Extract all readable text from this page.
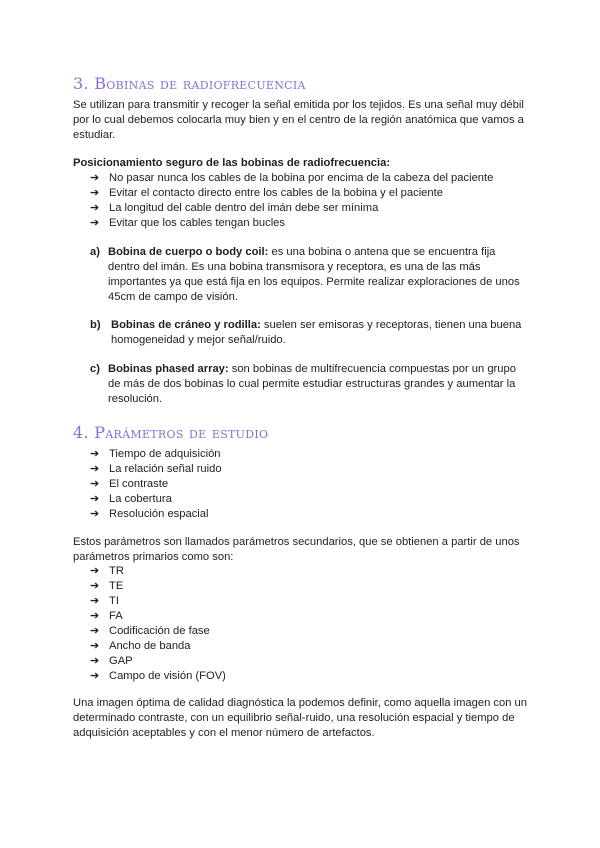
3. Bobinas de radiofrecuencia
Se utilizan para transmitir y recoger la señal emitida por los tejidos. Es una señal muy débil por lo cual debemos colocarla muy bien y en el centro de la región anatómica que vamos a estudiar.
Posicionamiento seguro de las bobinas de radiofrecuencia:
➔ No pasar nunca los cables de la bobina por encima de la cabeza del paciente
➔ Evitar el contacto directo entre los cables de la bobina y el paciente
➔ La longitud del cable dentro del imán debe ser mínima
➔ Evitar que los cables tengan bucles
a) Bobina de cuerpo o body coil: es una bobina o antena que se encuentra fija dentro del imán. Es una bobina transmisora y receptora, es una de las más importantes ya que está fija en los equipos. Permite realizar exploraciones de unos 45cm de campo de visión.
b) Bobinas de cráneo y rodilla: suelen ser emisoras y receptoras, tienen una buena homogeneidad y mejor señal/ruido.
c) Bobinas phased array: son bobinas de multifrecuencia compuestas por un grupo de más de dos bobinas lo cual permite estudiar estructuras grandes y aumentar la resolución.
4. Parámetros de estudio
➔ Tiempo de adquisición
➔ La relación señal ruido
➔ El contraste
➔ La cobertura
➔ Resolución espacial
Estos parámetros son llamados parámetros secundarios, que se obtienen a partir de unos parámetros primarios como son:
➔ TR
➔ TE
➔ TI
➔ FA
➔ Codificación de fase
➔ Ancho de banda
➔ GAP
➔ Campo de visión (FOV)
Una imagen óptima de calidad diagnóstica la podemos definir, como aquella imagen con un determinado contraste, con un equilibrio señal-ruido, una resolución espacial y tiempo de adquisición aceptables y con el menor número de artefactos.
